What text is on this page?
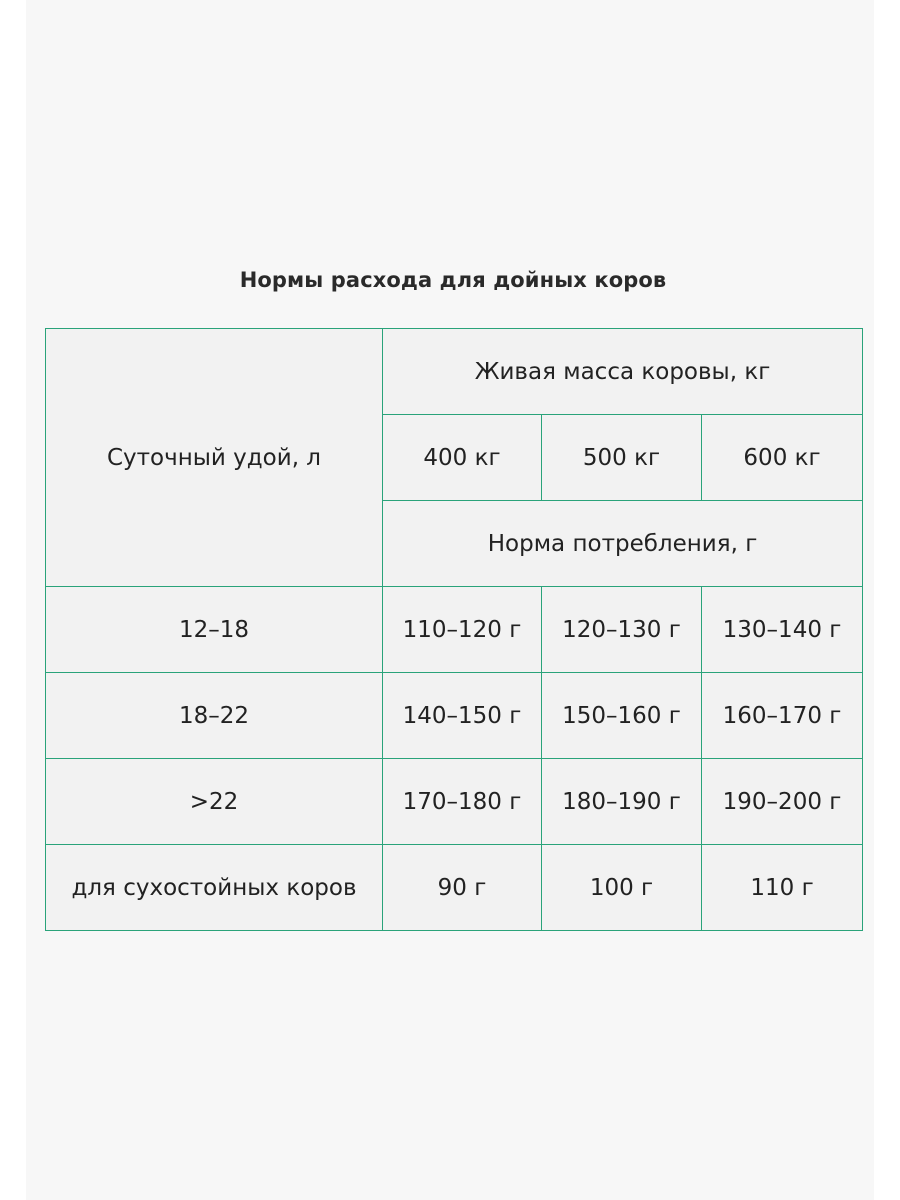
Нормы расхода для дойных коров
Суточный удой, л	Живая масса коровы, кг		
	400 кг	500 кг	600 кг
	Норма потребления, г		
12–18	110–120 г	120–130 г	130–140 г
18–22	140–150 г	150–160 г	160–170 г
>22	170–180 г	180–190 г	190–200 г
для сухостойных коров	90 г	100 г	110 г
